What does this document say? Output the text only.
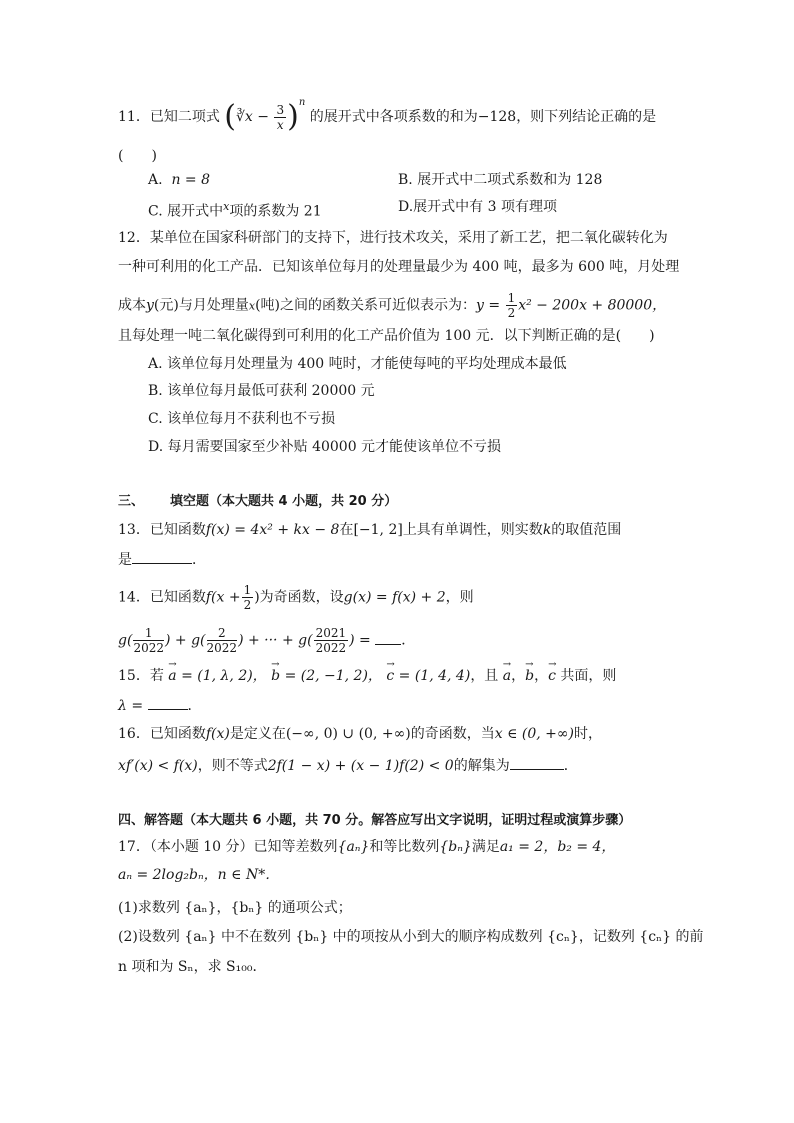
11．已知二项式 (∛x − $\frac{3}{x} )^n$ 的展开式中各项系数的和为−128，则下列结论正确的是
(　　)
A. n = 8	B. 展开式中二项式系数和为 128
C. 展开式中$^x$项的系数为 21	D.展开式中有 3 项有理项
12．某单位在国家科研部门的支持下，进行技术攻关，采用了新工艺，把二氧化碳转化为
一种可利用的化工产品．已知该单位每月的处理量最少为 400 吨，最多为 600 吨，月处理
成本y(元)与月处理量x(吨)之间的函数关系可近似表示为：$y = \frac{1}{2} x^2 - 200x + 80000$，
且每处理一吨二氧化碳得到可利用的化工产品价值为 100 元．以下判断正确的是(　　)
A. 该单位每月处理量为 400 吨时，才能使每吨的平均处理成本最低
B. 该单位每月最低可获利 20000 元
C. 该单位每月不获利也不亏损
D. 每月需要国家至少补贴 40000 元才能使该单位不亏损
三、 填空题（本大题共 4 小题，共 20 分）
13．已知函数f(x) = 4x² + kx − 8在[−1, 2]上具有单调性，则实数k的取值范围
是	．
14．已知函数$f(x + \frac{1}{2}$ )为奇函数，设g(x) = f(x) + 2，则
$g( \frac{1}{2022}$ ) + $g( \frac{2}{2022}$ ) + ··· + $g( \frac{2021}{2022}$ ) = ．
15．若 → a = (1, λ, 2)， → b = (2, −1, 2)， → c = (1, 4, 4)，且 → a，→ b，→ c 共面，则
λ =	．
16．已知函数f(x)是定义在(−∞, 0) ∪ (0, +∞)的奇函数，当x ∈ (0, +∞)时，
xf′(x) < f(x)，则不等式2f(1 − x) + (x − 1)f(2) < 0的解集为	．
四、解答题（本大题共 6 小题，共 70 分。解答应写出文字说明，证明过程或演算步骤）
17．（本小题 10 分）已知等差数列{aₙ}和等比数列{bₙ}满足a₁ = 2，b₂ = 4，
aₙ = 2log₂bₙ，n ∈ N*．
(1)求数列 {aₙ}，{bₙ} 的通项公式；
(2)设数列 {aₙ} 中不在数列 {bₙ} 中的项按从小到大的顺序构成数列 {cₙ}，记数列 {cₙ} 的前
n 项和为 Sₙ，求 S₁₀₀．
